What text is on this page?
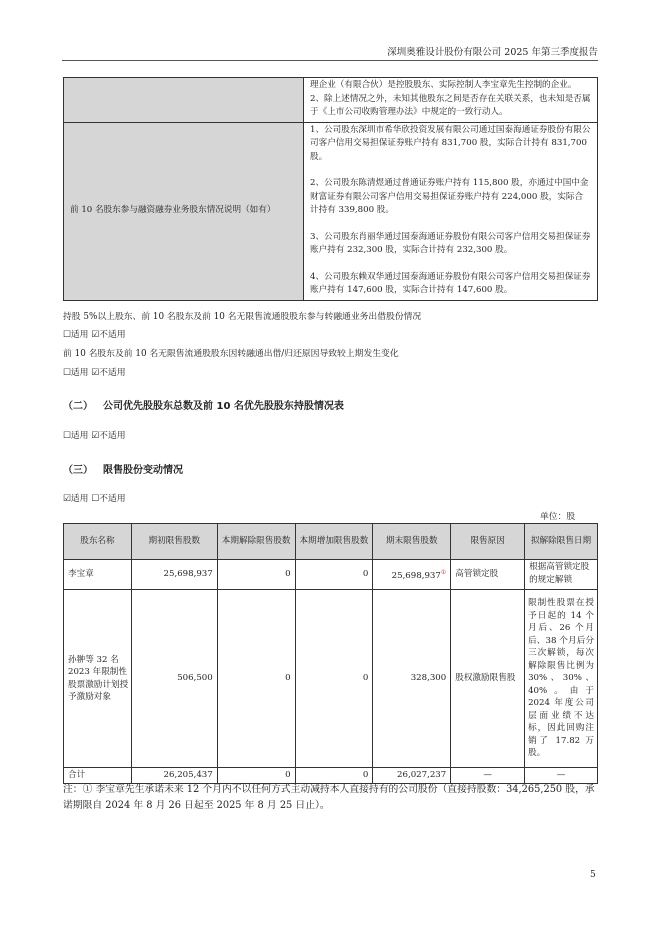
深圳奥雅设计股份有限公司 2025 年第三季度报告

	理企业（有限合伙）是控股股东、实际控制人李宝章先生控制的企业。

2、除上述情况之外，未知其他股东之间是否存在关联关系，也未知是否属于《上市公司收购管理办法》中规定的一致行动人。

前 10 名股东参与融资融券业务股东情况说明（如有）	1、公司股东深圳市希华欣投资发展有限公司通过国泰海通证券股份有限公司客户信用交易担保证券账户持有 831,700 股，实际合计持有 831,700 股。

2、公司股东陈清煜通过普通证券账户持有 115,800 股，亦通过中国中金财富证券有限公司客户信用交易担保证券账户持有 224,000 股，实际合计持有 339,800 股。

3、公司股东肖丽华通过国泰海通证券股份有限公司客户信用交易担保证券账户持有 232,300 股，实际合计持有 232,300 股。

4、公司股东赖双华通过国泰海通证券股份有限公司客户信用交易担保证券账户持有 147,600 股，实际合计持有 147,600 股。

持股 5%以上股东、前 10 名股东及前 10 名无限售流通股股东参与转融通业务出借股份情况
☐适用 ☑不适用
前 10 名股东及前 10 名无限售流通股股东因转融通出借/归还原因导致较上期发生变化
☐适用 ☑不适用
（二） 公司优先股股东总数及前 10 名优先股股东持股情况表
☐适用 ☑不适用
（三） 限售股份变动情况
☑适用 ☐不适用
单位：股
股东名称	期初限售股数	本期解除限售股数	本期增加限售股数	期末限售股数	限售原因	拟解除限售日期
李宝章	25,698,937	0	0	25,698,937①	高管锁定股	根据高管锁定股的规定解锁
孙翀等 32 名 2023 年限制性股票激励计划授予激励对象	506,500	0	0	328,300	股权激励限售股	限制性股票在授予日起的 14 个月后、26 个月后、38 个月后分三次解锁，每次解除限售比例为 30%、30%、40%。由于 2024 年度公司层面业绩不达标，因此回购注销了 17.82 万股。
合计	26,205,437	0	0	26,027,237	—	—
注：① 李宝章先生承诺未来 12 个月内不以任何方式主动减持本人直接持有的公司股份（直接持股数：34,265,250 股，承诺期限自 2024 年 8 月 26 日起至 2025 年 8 月 25 日止）。
5
